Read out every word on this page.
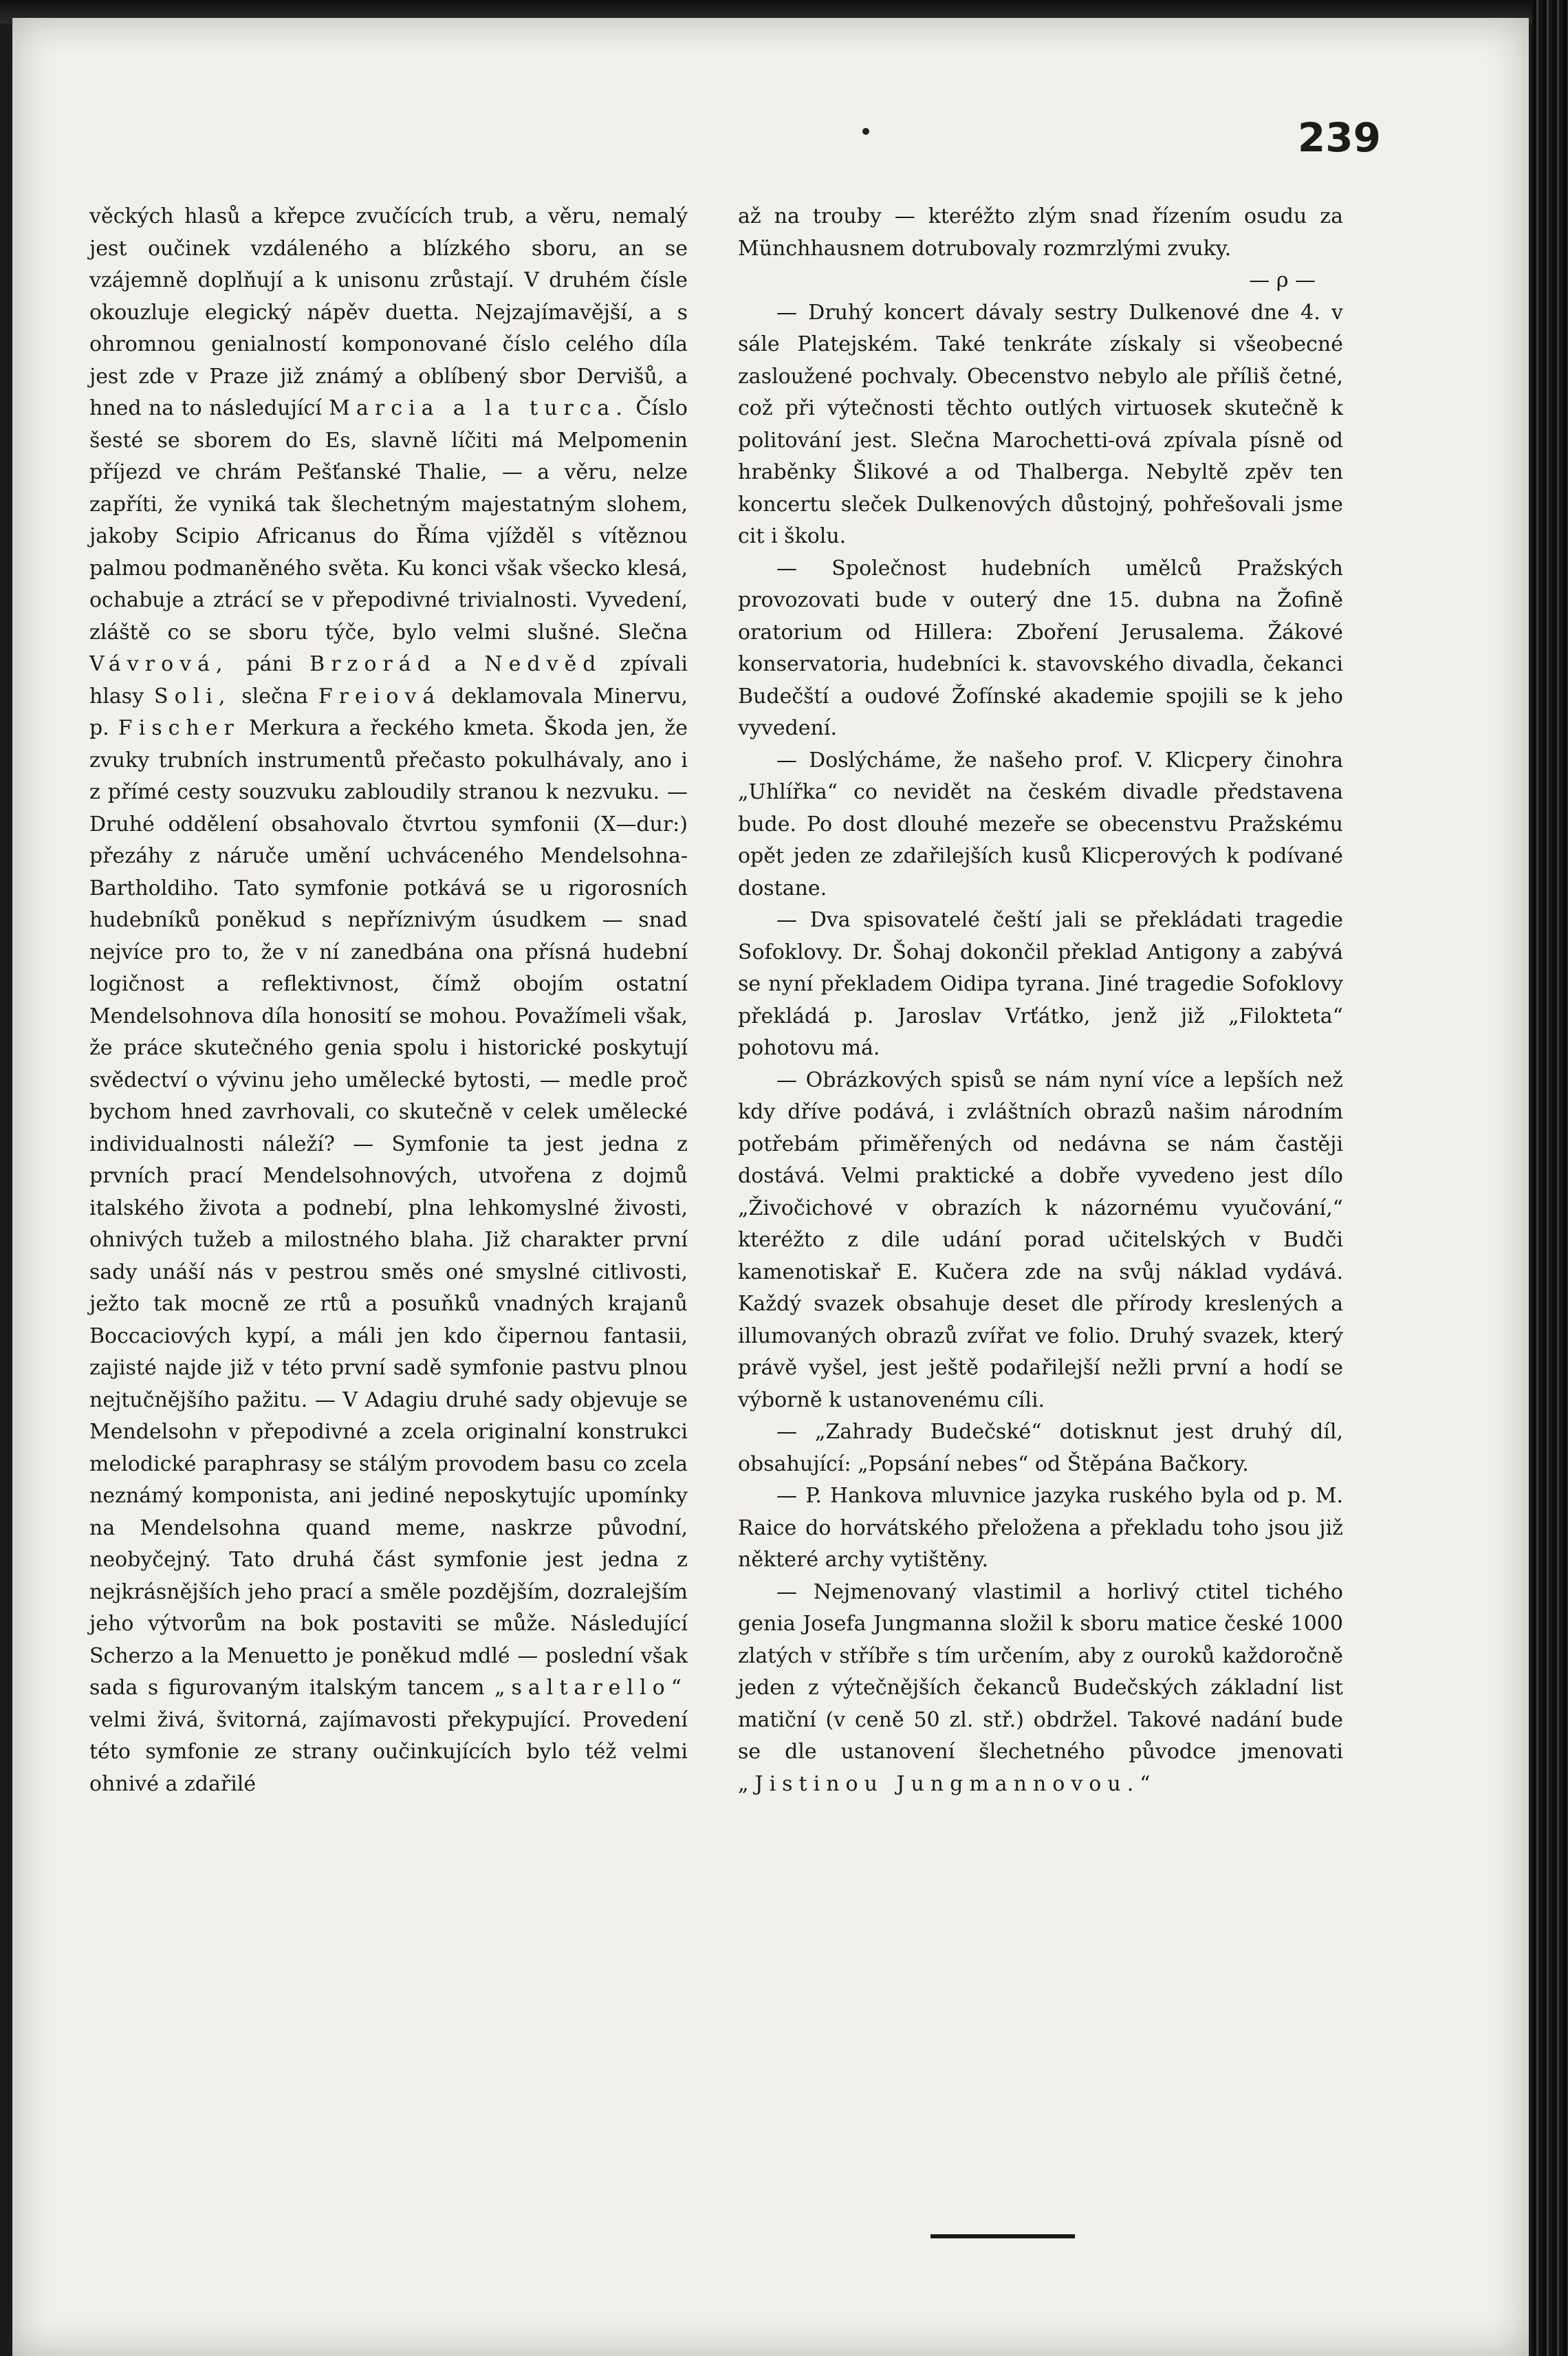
239

věckých hlasů a křepce zvučících trub, a věru, nemalý jest oučinek vzdáleného a blízkého sboru, an se vzájemně doplňují a k unisonu zrůstají. V druhém čísle okouzluje elegický nápěv duetta. Nejzajímavější, a s ohromnou genialností komponované číslo celého díla jest zde v Praze již známý a oblíbený sbor Dervišů, a hned na to následující Marcia a la turca. Číslo šesté se sborem do Es, slavně líčiti má Melpomenin příjezd ve chrám Pešťanské Thalie, — a věru, nelze zapříti, že vyniká tak šlechetným majestatným slohem, jakoby Scipio Africanus do Říma vjížděl s vítěznou palmou podmaněného světa. Ku konci však všecko klesá, ochabuje a ztrácí se v přepodivné trivialnosti. Vyvedení, zláště co se sboru týče, bylo velmi slušné. Slečna Vávrová, páni Brzorád a Nedvěd zpívali hlasy Soli, slečna Freiová deklamovala Minervu, p. Fischer Merkura a řeckého kmeta. Škoda jen, že zvuky trubních instrumentů přečasto pokulhávaly, ano i z přímé cesty souzvuku zabloudily stranou k nezvuku. — Druhé oddělení obsahovalo čtvrtou symfonii (X—dur:) přezáhy z náruče umění uchváceného Mendelsohna-Bartholdiho. Tato symfonie potkává se u rigorosních hudebníků poněkud s nepříznivým úsudkem — snad nejvíce pro to, že v ní zanedbána ona přísná hudební logičnost a reflektivnost, čímž obojím ostatní Mendelsohnova díla honosití se mohou. Považímeli však, že práce skutečného genia spolu i historické poskytují svědectví o vývinu jeho umělecké bytosti, — medle proč bychom hned zavrhovali, co skutečně v celek umělecké individualnosti náleží? — Symfonie ta jest jedna z prvních prací Mendelsohnových, utvořena z dojmů italského života a podnebí, plna lehkomyslné živosti, ohnivých tužeb a milostného blaha. Již charakter první sady unáší nás v pestrou směs oné smyslné citlivosti, ježto tak mocně ze rtů a posuňků vnadných krajanů Boccaciových kypí, a máli jen kdo čipernou fantasii, zajisté najde již v této první sadě symfonie pastvu plnou nejtučnějšího pažitu. — V Adagiu druhé sady objevuje se Mendelsohn v přepodivné a zcela originalní konstrukci melodické paraphrasy se stálým provodem basu co zcela neznámý komponista, ani jediné neposkytujíc upomínky na Mendelsohna quand meme, naskrze původní, neobyčejný. Tato druhá část symfonie jest jedna z nejkrásnějších jeho prací a směle pozdějším, dozralejším jeho výtvorům na bok postaviti se může. Následující Scherzo a la Menuetto je poněkud mdlé — poslední však sada s figurovaným italským tancem „saltarello“ velmi živá, švitorná, zajímavosti překypující. Provedení této symfonie ze strany oučinkujících bylo též velmi ohnivé a zdařilé

až na trouby — kteréžto zlým snad řízením osudu za Münchhausnem dotrubovaly rozmrzlými zvuky.

— ρ —

— Druhý koncert dávaly sestry Dulkenové dne 4. v sále Platejském. Také tenkráte získaly si všeobecné zasloužené pochvaly. Obecenstvo nebylo ale příliš četné, což při výtečnosti těchto outlých virtuosek skutečně k politování jest. Slečna Marochetti-ová zpívala písně od hraběnky Šlikové a od Thalberga. Nebyltě zpěv ten koncertu sleček Dulkenových důstojný, pohřešovali jsme cit i školu.

— Společnost hudebních umělců Pražských provozovati bude v outerý dne 15. dubna na Žofině oratorium od Hillera: Zboření Jerusalema. Žákové konservatoria, hudebníci k. stavovského divadla, čekanci Budečští a oudové Žofínské akademie spojili se k jeho vyvedení.

— Doslýcháme, že našeho prof. V. Klicpery činohra „Uhlířka“ co nevidět na českém divadle představena bude. Po dost dlouhé mezeře se obecenstvu Pražskému opět jeden ze zdařilejších kusů Kliсperových k podívané dostane.

— Dva spisovatelé čeští jali se překládati tragedie Sofoklovy. Dr. Šohaj dokončil překlad Antigony a zabývá se nyní překladem Oidipa tyrana. Jiné tragedie Sofoklovy překládá p. Jaroslav Vrťátko, jenž již „Filokteta“ pohotovu má.

— Obrázkových spisů se nám nyní více a lepších než kdy dříve podává, i zvláštních obrazů našim národním potřebám přiměřených od nedávna se nám častěji dostává. Velmi praktické a dobře vyvedeno jest dílo „Živočichové v obrazích k názornému vyučování,“ kteréžto z dile udání porad učitelských v Budči kamenotiskař E. Kučera zde na svůj náklad vydává. Každý svazek obsahuje deset dle přírody kreslených a illumovaných obrazů zvířat ve folio. Druhý svazek, který právě vyšel, jest ještě podařilejší nežli první a hodí se výborně k ustanovenému cíli.

— „Zahrady Budečské“ dotisknut jest druhý díl, obsahující: „Popsání nebes“ od Štěpána Bačkory.

— P. Hankova mluvnice jazyka ruského byla od p. M. Raice do horvátského přeložena a překladu toho jsou již některé archy vytištěny.

— Nejmenovaný vlastimil a horlivý ctitel tichého genia Josefa Jungmanna složil k sboru matice české 1000 zlatých v stříbře s tím určením, aby z ouroků každoročně jeden z výtečnějších čekanců Budečských základní list matiční (v ceně 50 zl. stř.) obdržel. Takové nadání bude se dle ustanovení šlechetného původce jmenovati „Jistinou Jungmannovou.“
